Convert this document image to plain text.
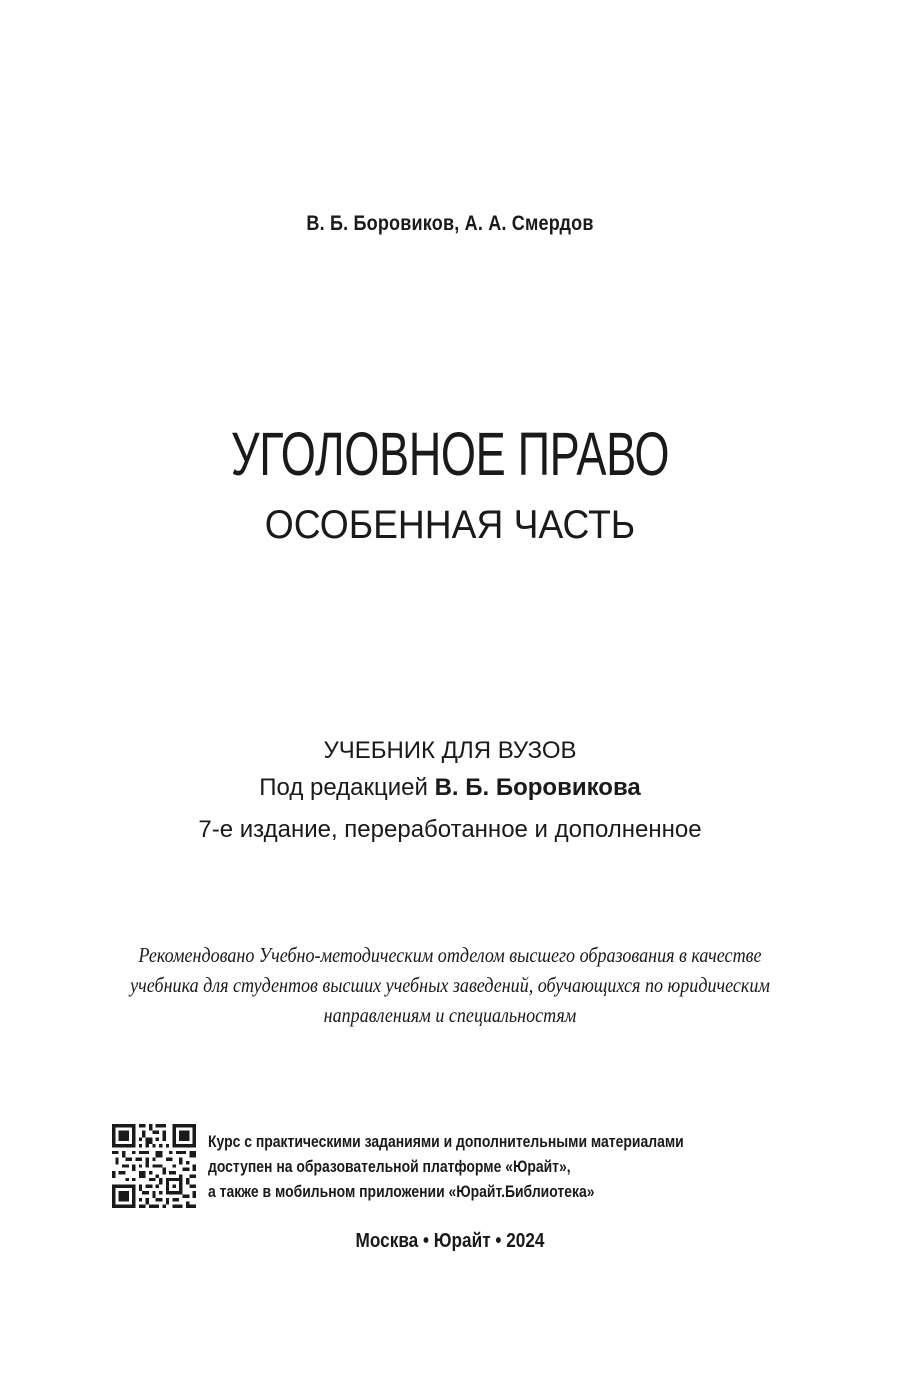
В. Б. Боровиков, А. А. Смердов
УГОЛОВНОЕ ПРАВО
ОСОБЕННАЯ ЧАСТЬ
УЧЕБНИК ДЛЯ ВУЗОВ
Под редакцией В. Б. Боровикова
7-е издание, переработанное и дополненное
Рекомендовано Учебно-методическим отделом высшего образования в качестве
учебника для студентов высших учебных заведений, обучающихся по юридическим
направлениям и специальностям
Курс с практическими заданиями и дополнительными материалами
доступен на образовательной платформе «Юрайт»,
а также в мобильном приложении «Юрайт.Библиотека»
Москва • Юрайт • 2024
